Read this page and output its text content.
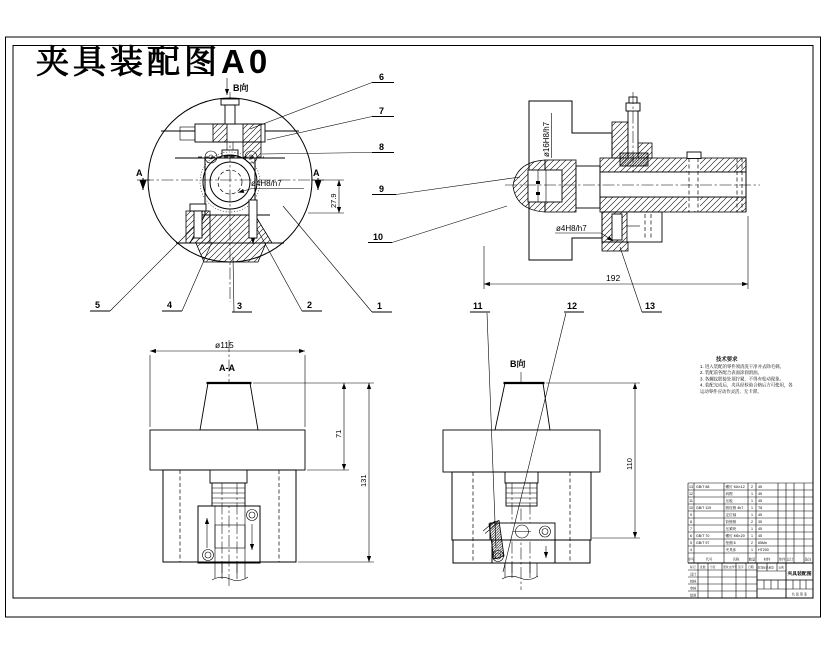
夹具装配图A0
B向
A	A
ø4H8/h7
27.9
ø16H8/h7
ø4H8/h7
192
ø115
A-A
71
131
B向
110
6
7
8
9
10
5	4	3	2	1	11	12	13
技术要求
1. 进入装配的零件须清洗干净并去除毛刺。
2. 装配前各配合表面涂润滑油。
3. 各螺纹联接处须拧紧，不得有松动现象。
4. 装配完成后，夹具经检验合格后方可使用，各
运动零件应动作灵活、无卡滞。
13 GB/T 68	螺钉 M4×12 2 45
12	斜楔	1 45
11	压板	1 45
10 GB/T 119	圆柱销 4h7 1 T8
9	定位轴	1 45
8	铰链销	2 35
7	压紧块	1 45
6 GB/T 70	螺钉 M6×20 1 45
5 GB/T 97	垫圈 6	2 65Mn
4	夹具体	1 HT200
序号	代号	名称	数量 材料 单件 总计	备注
标记 处数 分区	更改文件号 签字 日期
设计
校核
审核
批准
阶段标记 重量 比例
夹具装配图
共 张 第 张
